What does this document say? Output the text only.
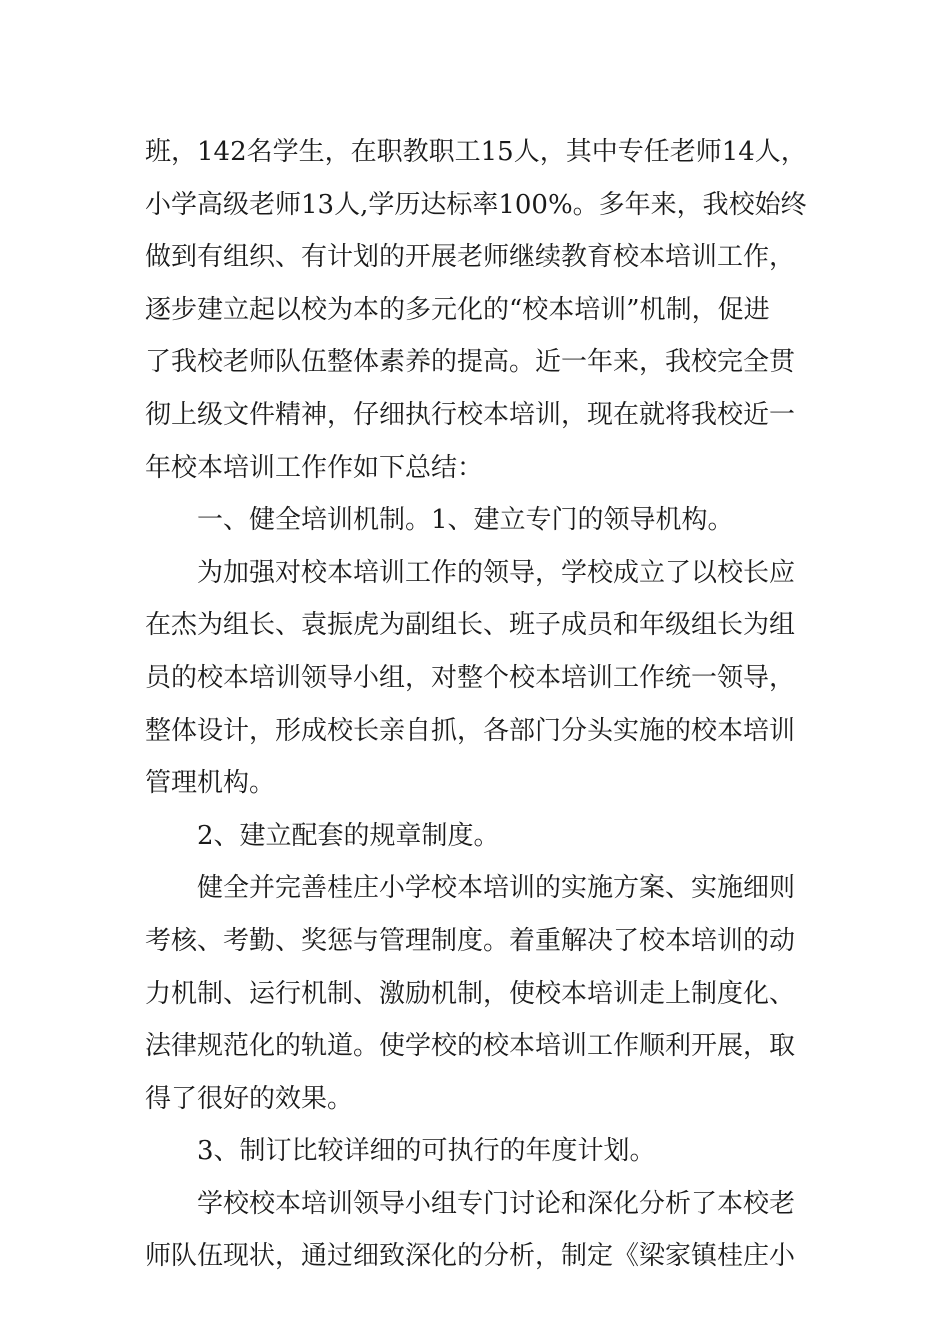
班，142名学生，在职教职工15人，其中专任老师14人，
小学高级老师13人,学历达标率100%。多年来，我校始终
做到有组织、有计划的开展老师继续教育校本培训工作，
逐步建立起以校为本的多元化的“校本培训”机制，促进
了我校老师队伍整体素养的提高。近一年来，我校完全贯
彻上级文件精神，仔细执行校本培训，现在就将我校近一
年校本培训工作作如下总结：
一、健全培训机制。1、建立专门的领导机构。
为加强对校本培训工作的领导，学校成立了以校长应
在杰为组长、袁振虎为副组长、班子成员和年级组长为组
员的校本培训领导小组，对整个校本培训工作统一领导，
整体设计，形成校长亲自抓，各部门分头实施的校本培训
管理机构。
2、建立配套的规章制度。
健全并完善桂庄小学校本培训的实施方案、实施细则
考核、考勤、奖惩与管理制度。着重解决了校本培训的动
力机制、运行机制、激励机制，使校本培训走上制度化、
法律规范化的轨道。使学校的校本培训工作顺利开展，取
得了很好的效果。
3、制订比较详细的可执行的年度计划。
学校校本培训领导小组专门讨论和深化分析了本校老
师队伍现状，通过细致深化的分析，制定《梁家镇桂庄小
